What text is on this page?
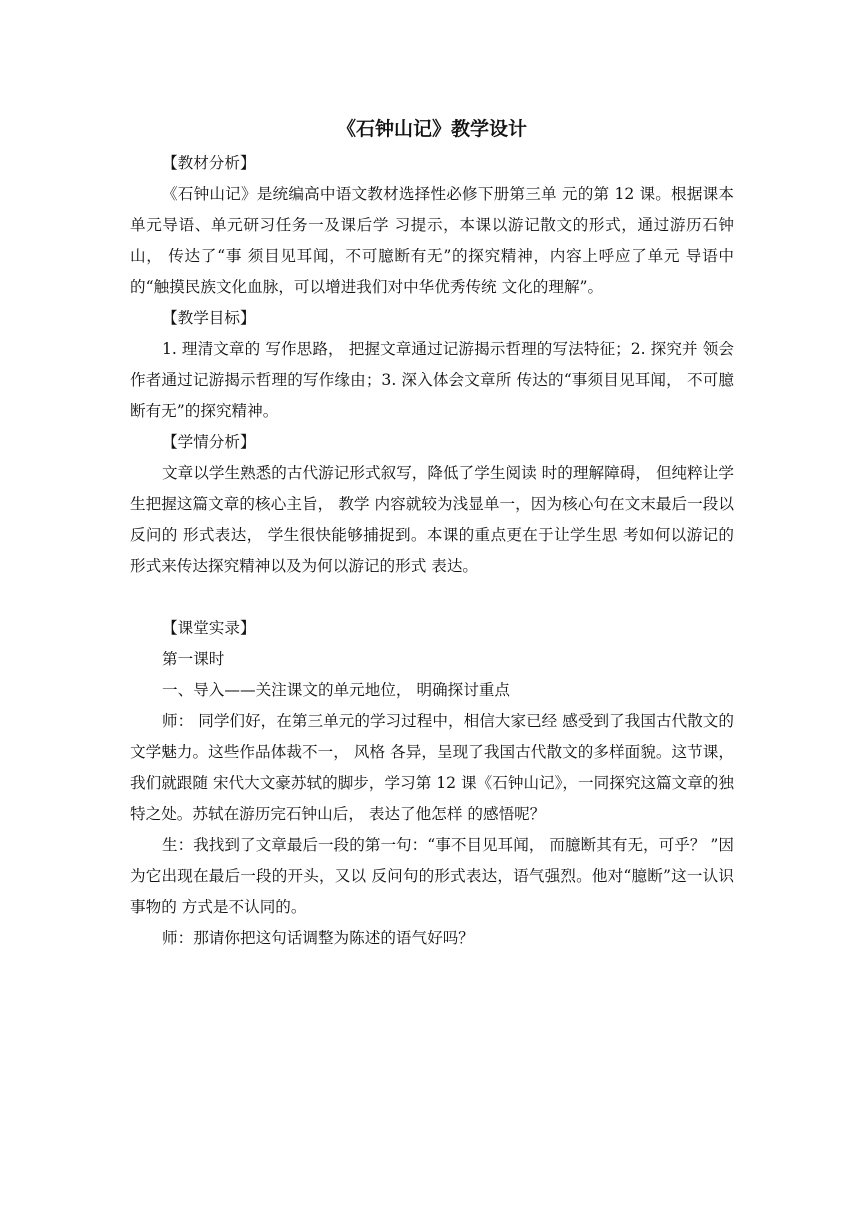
《石钟山记》教学设计

【教材分析】

《石钟山记》是统编高中语文教材选择性必修下册第三单 元的第 12 课。根据课本单元导语、单元研习任务一及课后学 习提示，本课以游记散文的形式，通过游历石钟山， 传达了“事 须目见耳闻，不可臆断有无”的探究精神，内容上呼应了单元 导语中的“触摸民族文化血脉，可以增进我们对中华优秀传统 文化的理解”。

【教学目标】

1. 理清文章的 写作思路， 把握文章通过记游揭示哲理的写法特征；2. 探究并 领会作者通过记游揭示哲理的写作缘由；3. 深入体会文章所 传达的“事须目见耳闻， 不可臆断有无”的探究精神。

【学情分析】

文章以学生熟悉的古代游记形式叙写，降低了学生阅读 时的理解障碍， 但纯粹让学生把握这篇文章的核心主旨， 教学 内容就较为浅显单一，因为核心句在文末最后一段以反问的 形式表达， 学生很快能够捕捉到。本课的重点更在于让学生思 考如何以游记的形式来传达探究精神以及为何以游记的形式 表达。

【课堂实录】

第一课时

一、导入——关注课文的单元地位， 明确探讨重点

师： 同学们好，在第三单元的学习过程中，相信大家已经 感受到了我国古代散文的文学魅力。这些作品体裁不一， 风格 各异，呈现了我国古代散文的多样面貌。这节课，我们就跟随 宋代大文豪苏轼的脚步，学习第 12 课《石钟山记》，一同探究这篇文章的独特之处。苏轼在游历完石钟山后， 表达了他怎样 的感悟呢？

生：我找到了文章最后一段的第一句：“事不目见耳闻， 而臆断其有无，可乎？ ”因为它出现在最后一段的开头，又以 反问句的形式表达，语气强烈。他对“臆断”这一认识事物的 方式是不认同的。

师：那请你把这句话调整为陈述的语气好吗？
